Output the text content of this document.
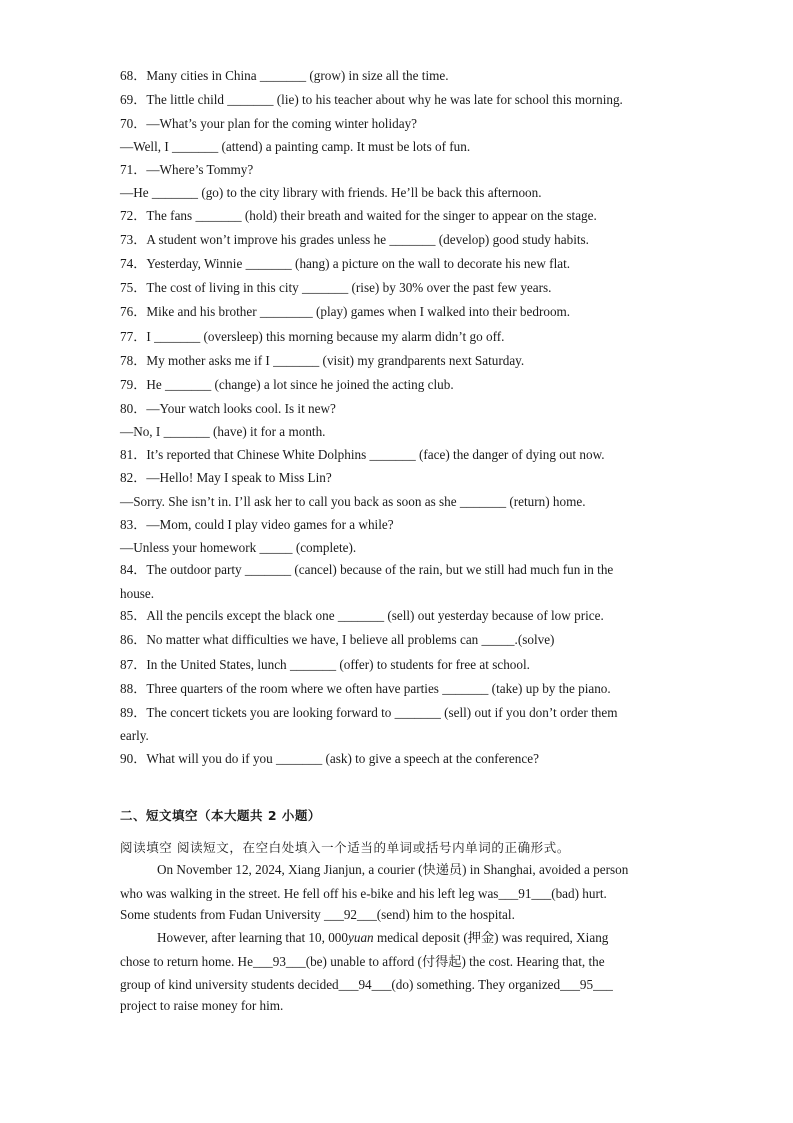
68．Many cities in China _______ (grow) in size all the time.
69．The little child _______ (lie) to his teacher about why he was late for school this morning.
70．—What’s your plan for the coming winter holiday?
—Well, I _______ (attend) a painting camp. It must be lots of fun.
71．—Where’s Tommy?
—He _______ (go) to the city library with friends. He’ll be back this afternoon.
72．The fans _______ (hold) their breath and waited for the singer to appear on the stage.
73．A student won’t improve his grades unless he _______ (develop) good study habits.
74．Yesterday, Winnie _______ (hang) a picture on the wall to decorate his new flat.
75．The cost of living in this city _______ (rise) by 30% over the past few years.
76．Mike and his brother ________ (play) games when I walked into their bedroom.
77．I _______ (oversleep) this morning because my alarm didn’t go off.
78．My mother asks me if I _______ (visit) my grandparents next Saturday.
79．He _______ (change) a lot since he joined the acting club.
80．—Your watch looks cool. Is it new?
—No, I _______ (have) it for a month.
81．It’s reported that Chinese White Dolphins _______ (face) the danger of dying out now.
82．—Hello! May I speak to Miss Lin?
—Sorry. She isn’t in. I’ll ask her to call you back as soon as she _______ (return) home.
83．—Mom, could I play video games for a while?
—Unless your homework _____ (complete).
84．The outdoor party _______ (cancel) because of the rain, but we still had much fun in the
house.
85．All the pencils except the black one _______ (sell) out yesterday because of low price.
86．No matter what difficulties we have, I believe all problems can _____.(solve)
87．In the United States, lunch _______ (offer) to students for free at school.
88．Three quarters of the room where we often have parties _______ (take) up by the piano.
89．The concert tickets you are looking forward to _______ (sell) out if you don’t order them
early.
90．What will you do if you _______ (ask) to give a speech at the conference?
二、短文填空（本大题共 2 小题）
阅读填空 阅读短文，在空白处填入一个适当的单词或括号内单词的正确形式。
On November 12, 2024, Xiang Jianjun, a courier (快递员) in Shanghai, avoided a person
who was walking in the street. He fell off his e-bike and his left leg was___91___(bad) hurt.
Some students from Fudan University ___92___(send) him to the hospital.
However, after learning that 10, 000yuan medical deposit (押金) was required, Xiang
chose to return home. He___93___(be) unable to afford (付得起) the cost. Hearing that, the
group of kind university students decided___94___(do) something. They organized___95___
project to raise money for him.
